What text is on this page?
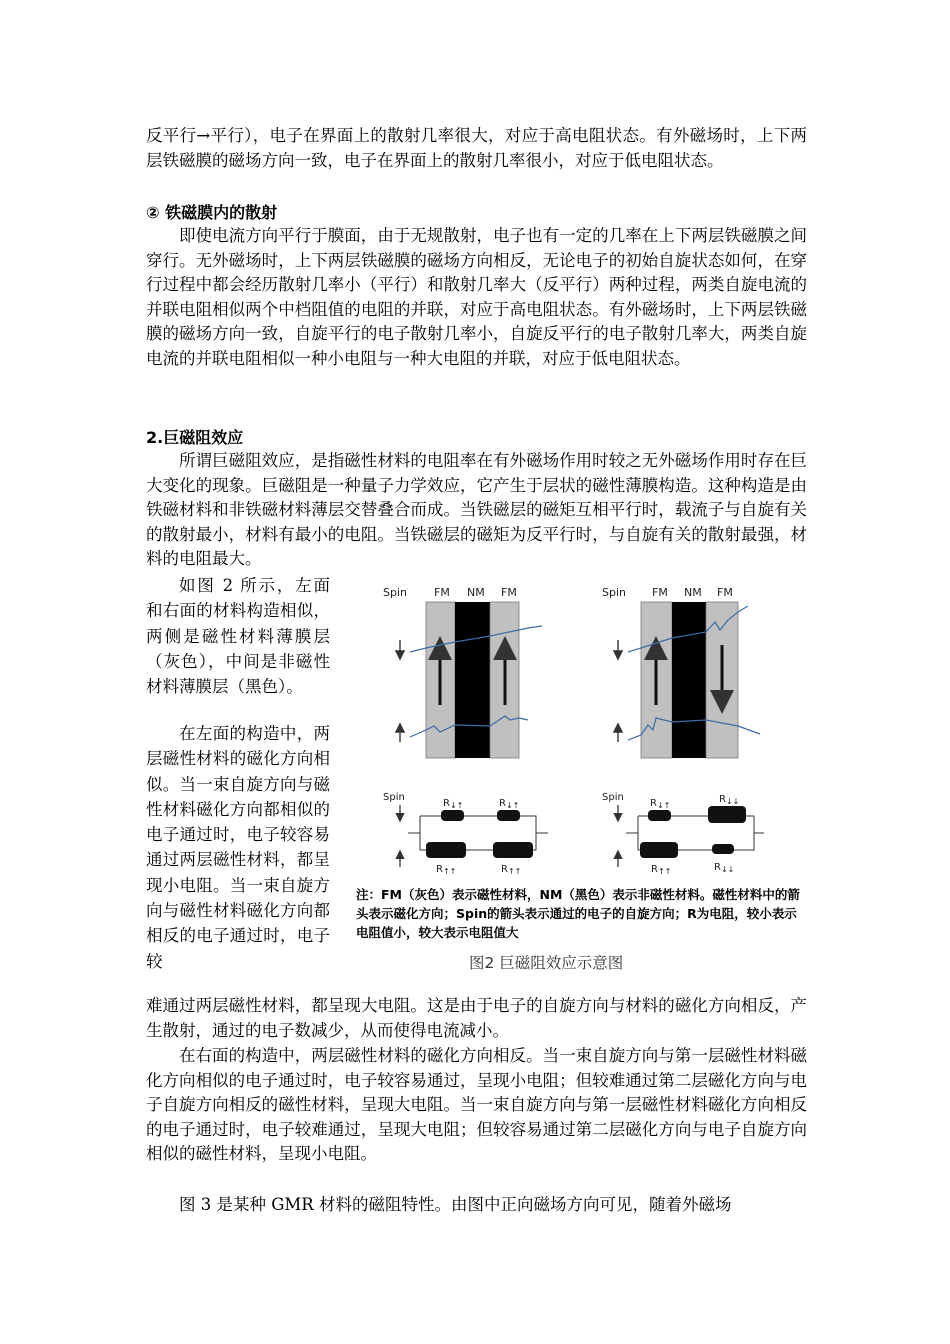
反平行→平行），电子在界面上的散射几率很大，对应于高电阻状态。有外磁场时，上下两层铁磁膜的磁场方向一致，电子在界面上的散射几率很小，对应于低电阻状态。

② 铁磁膜内的散射

即使电流方向平行于膜面，由于无规散射，电子也有一定的几率在上下两层铁磁膜之间穿行。无外磁场时，上下两层铁磁膜的磁场方向相反，无论电子的初始自旋状态如何，在穿行过程中都会经历散射几率小（平行）和散射几率大（反平行）两种过程，两类自旋电流的并联电阻相似两个中档阻值的电阻的并联，对应于高电阻状态。有外磁场时，上下两层铁磁膜的磁场方向一致，自旋平行的电子散射几率小，自旋反平行的电子散射几率大，两类自旋电流的并联电阻相似一种小电阻与一种大电阻的并联，对应于低电阻状态。

2.巨磁阻效应

所谓巨磁阻效应，是指磁性材料的电阻率在有外磁场作用时较之无外磁场作用时存在巨大变化的现象。巨磁阻是一种量子力学效应，它产生于层状的磁性薄膜构造。这种构造是由铁磁材料和非铁磁材料薄层交替叠合而成。当铁磁层的磁矩互相平行时，载流子与自旋有关的散射最小，材料有最小的电阻。当铁磁层的磁矩为反平行时，与自旋有关的散射最强，材料的电阻最大。

如图 2 所示，左面和右面的材料构造相似，两侧是磁性材料薄膜层（灰色），中间是非磁性材料薄膜层（黑色）。

在左面的构造中，两层磁性材料的磁化方向相似。当一束自旋方向与磁性材料磁化方向都相似的电子通过时，电子较容易通过两层磁性材料，都呈现小电阻。当一束自旋方向与磁性材料磁化方向都相反的电子通过时，电子较

难通过两层磁性材料，都呈现大电阻。这是由于电子的自旋方向与材料的磁化方向相反，产生散射，通过的电子数减少，从而使得电流减小。

在右面的构造中，两层磁性材料的磁化方向相反。当一束自旋方向与第一层磁性材料磁化方向相似的电子通过时，电子较容易通过，呈现小电阻；但较难通过第二层磁化方向与电子自旋方向相反的磁性材料，呈现大电阻。当一束自旋方向与第一层磁性材料磁化方向相反的电子通过时，电子较难通过，呈现大电阻；但较容易通过第二层磁化方向与电子自旋方向相似的磁性材料，呈现小电阻。

图 3 是某种 GMR 材料的磁阻特性。由图中正向磁场方向可见，随着外磁场

Spin FM NM FM	Spin FM NM FM
Spin
$R_{↓↑}$	$R_{↓↑}$
$R_{↑↑}$	$R_{↑↑}$
Spin
$R_{↓↑}$
$R_{↓↓}$
$R_{↑↑}$	$R_{↓↓}$

注：FM（灰色）表示磁性材料，NM（黑色）表示非磁性材料。磁性材料中的箭头表示磁化方向；Spin的箭头表示通过的电子的自旋方向；R为电阻，较小表示电阻值小，较大表示电阻值大

图2 巨磁阻效应示意图
